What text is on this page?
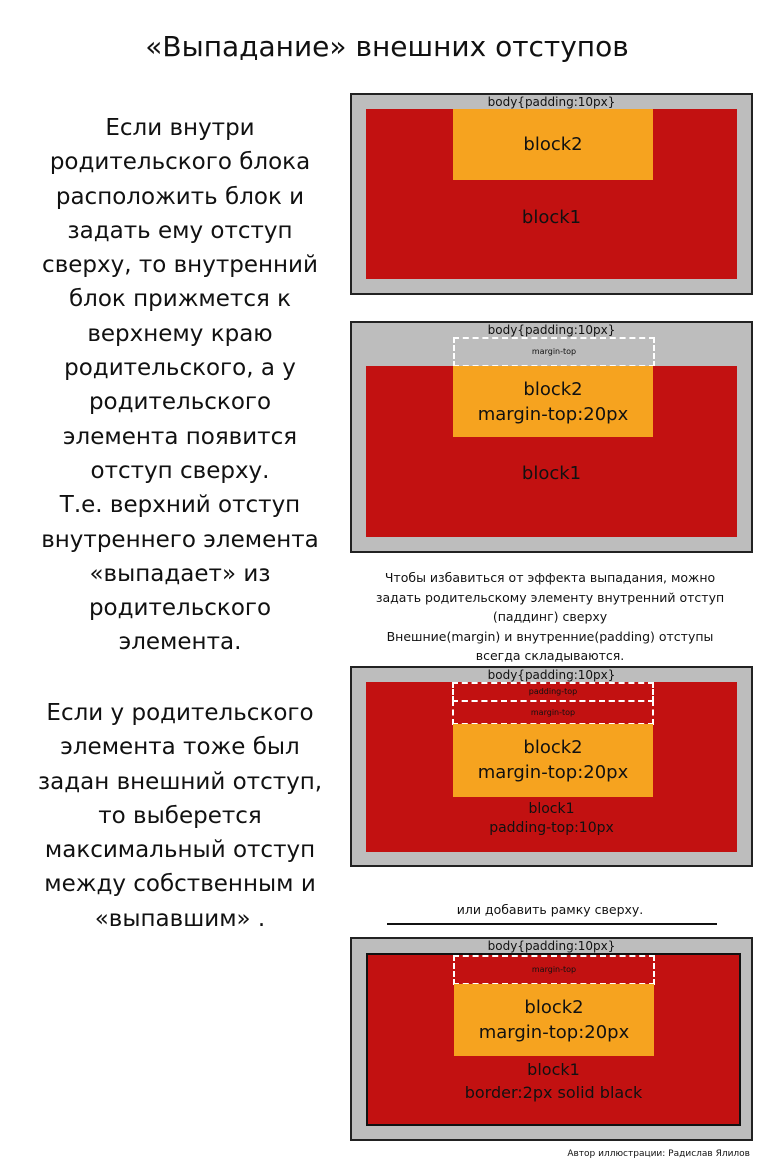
«Выпадание» внешних отступов
Если внутри
родительского блока
расположить блок и
задать ему отступ
сверху, то внутренний
блок прижмется к
верхнему краю
родительского, а у
родительского
элемента появится
отступ сверху.
Т.е. верхний отступ
внутреннего элемента
«выпадает» из
родительского
элемента.
Если у родительского
элемента тоже был
задан внешний отступ,
то выберется
максимальный отступ
между собственным и
«выпавшим» .
body{padding:10px}
block2
block1
body{padding:10px}
margin-top
block2
margin-top:20px
block1
Чтобы избавиться от эффекта выпадания, можно
задать родительскому элементу внутренний отступ
(паддинг) сверху
Внешние(margin) и внутренние(padding) отступы
всегда складываются.
body{padding:10px}
padding-top
margin-top
block2
margin-top:20px
block1
padding-top:10px
или добавить рамку сверху.
body{padding:10px}
margin-top
block2
margin-top:20px
block1
border:2px solid black
Автор иллюстрации: Радислав Ялилов
